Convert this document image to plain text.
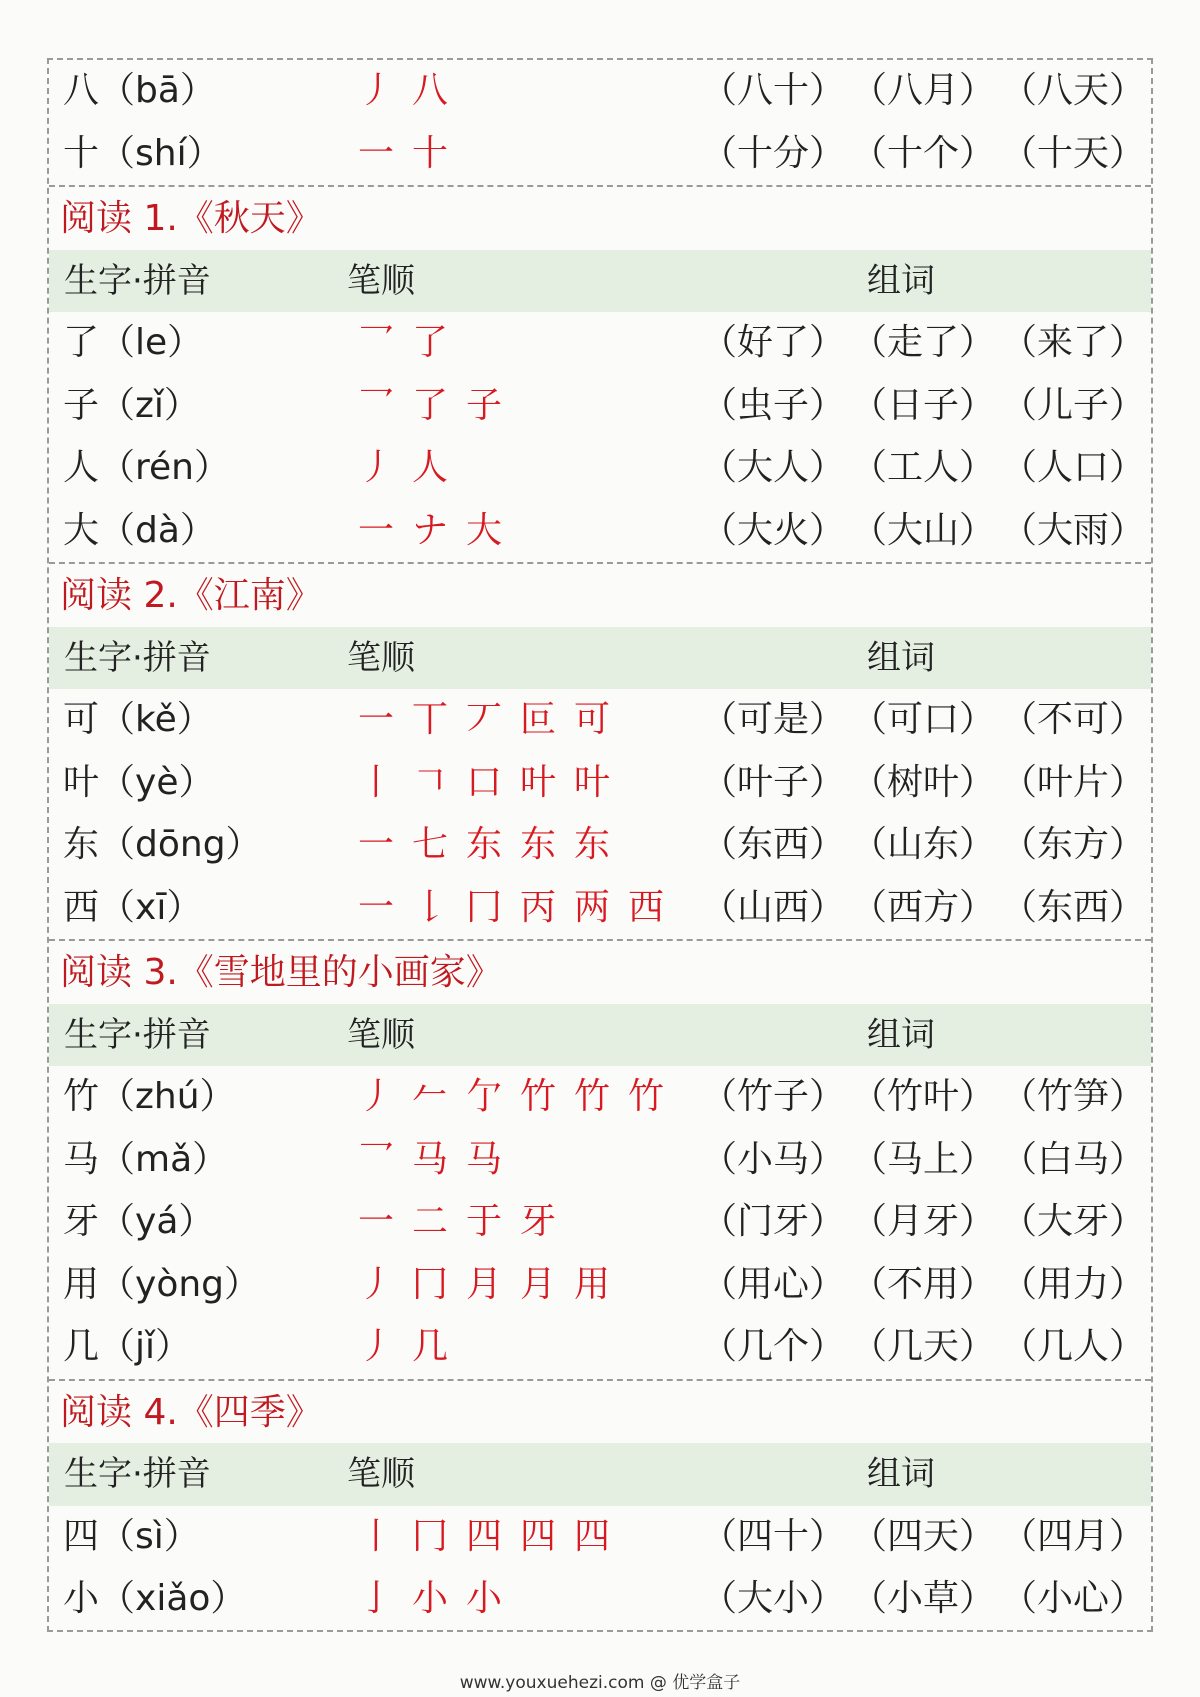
八（bā）	丿 八	（八十） （八月） （八天）
十（shí）	一 十	（十分） （十个） （十天）
阅读 1.《秋天》
生字·拼音	笔顺	组词
了（le）	乛 了	（好了） （走了） （来了）
子（zǐ）	乛 了 子	（虫子） （日子） （儿子）
人（rén）	丿 人	（大人） （工人） （人口）
大（dà）	一 ナ 大	（大火） （大山） （大雨）
阅读 2.《江南》
生字·拼音	笔顺	组词
可（kě）	一 丅 丆 叵 可	（可是） （可口） （不可）
叶（yè）	丨 𠃍 口 叶 叶	（叶子） （树叶） （叶片）
东（dōng）	一 七 东 东 东	（东西） （山东） （东方）
西（xī）	一 𠄌 冂 丙 两 西	（山西） （西方） （东西）
阅读 3.《雪地里的小画家》
生字·拼音	笔顺	组词
竹（zhú）	丿 𠂉 亇 竹 竹 竹	（竹子） （竹叶） （竹笋）
马（mǎ）	乛 马 马	（小马） （马上） （白马）
牙（yá）	一 二 于 牙	（门牙） （月牙） （大牙）
用（yòng）	丿 冂 月 月 用	（用心） （不用） （用力）
几（jǐ）	丿 几	（几个） （几天） （几人）
阅读 4.《四季》
生字·拼音	笔顺	组词
四（sì）	丨 冂 四 四 四	（四十） （四天） （四月）
小（xiǎo）	亅 小 小	（大小） （小草） （小心）
www.youxuehezi.com @ 优学盒子
